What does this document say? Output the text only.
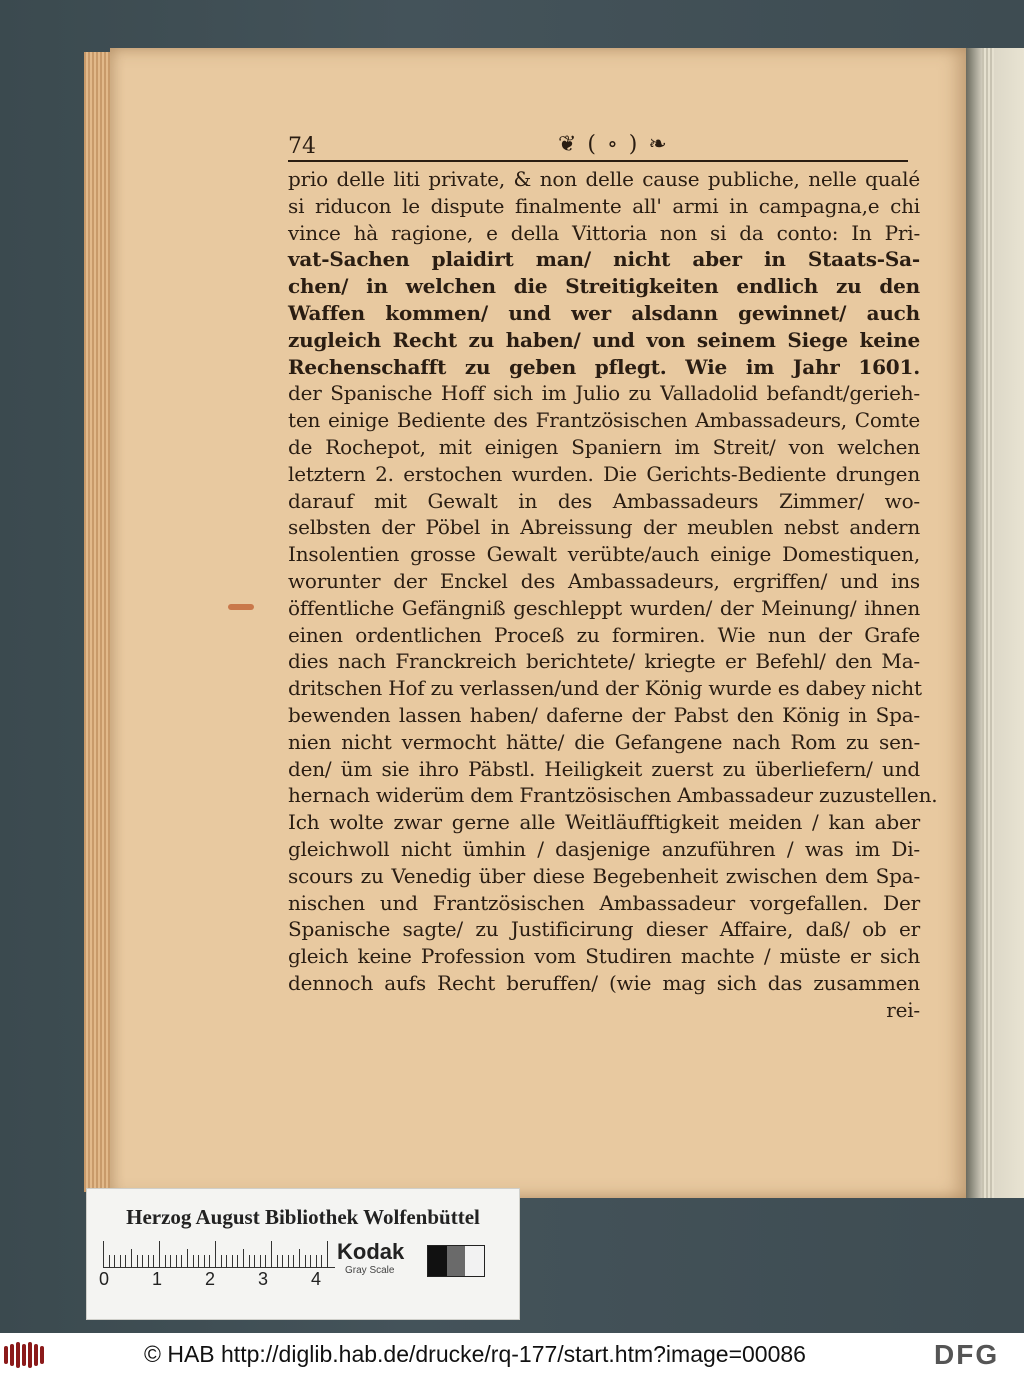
74	❦ ( ∘ ) ❧
prio delle liti private, & non delle cause publiche, nelle qualé
si riducon le dispute finalmente all' armi in campagna,e chi
vince hà ragione, e della Vittoria non si da conto: In Pri-
vat-Sachen plaidirt man/ nicht aber in Staats-Sa-
chen/ in welchen die Streitigkeiten endlich zu den
Waffen kommen/ und wer alsdann gewinnet/ auch
zugleich Recht zu haben/ und von seinem Siege keine
Rechenschafft zu geben pflegt. Wie im Jahr 1601.
der Spanische Hoff sich im Julio zu Valladolid befandt/gerieh-
ten einige Bediente des Frantzösischen Ambassadeurs, Comte
de Rochepot, mit einigen Spaniern im Streit/ von welchen
letztern 2. erstochen wurden. Die Gerichts-Bediente drungen
darauf mit Gewalt in des Ambassadeurs Zimmer/ wo-
selbsten der Pöbel in Abreissung der meublen nebst andern
Insolentien grosse Gewalt verübte/auch einige Domestiquen,
worunter der Enckel des Ambassadeurs, ergriffen/ und ins
öffentliche Gefängniß geschleppt wurden/ der Meinung/ ihnen
einen ordentlichen Proceß zu formiren. Wie nun der Grafe
dies nach Franckreich berichtete/ kriegte er Befehl/ den Ma-
dritschen Hof zu verlassen/und der König wurde es dabey nicht
bewenden lassen haben/ daferne der Pabst den König in Spa-
nien nicht vermocht hätte/ die Gefangene nach Rom zu sen-
den/ üm sie ihro Päbstl. Heiligkeit zuerst zu überliefern/ und
hernach widerüm dem Frantzösischen Ambassadeur zuzustellen.
Ich wolte zwar gerne alle Weitläufftigkeit meiden / kan aber
gleichwoll nicht ümhin / dasjenige anzuführen / was im Di-
scours zu Venedig über diese Begebenheit zwischen dem Spa-
nischen und Frantzösischen Ambassadeur vorgefallen. Der
Spanische sagte/ zu Justificirung dieser Affaire, daß/ ob er
gleich keine Profession vom Studiren machte / müste er sich
dennoch aufs Recht beruffen/ (wie mag sich das zusammen
rei-
Herzog August Bibliothek Wolfenbüttel
0 1 2 3 4
Kodak
Gray Scale
© HAB http://diglib.hab.de/drucke/rq-177/start.htm?image=00086	DFG
